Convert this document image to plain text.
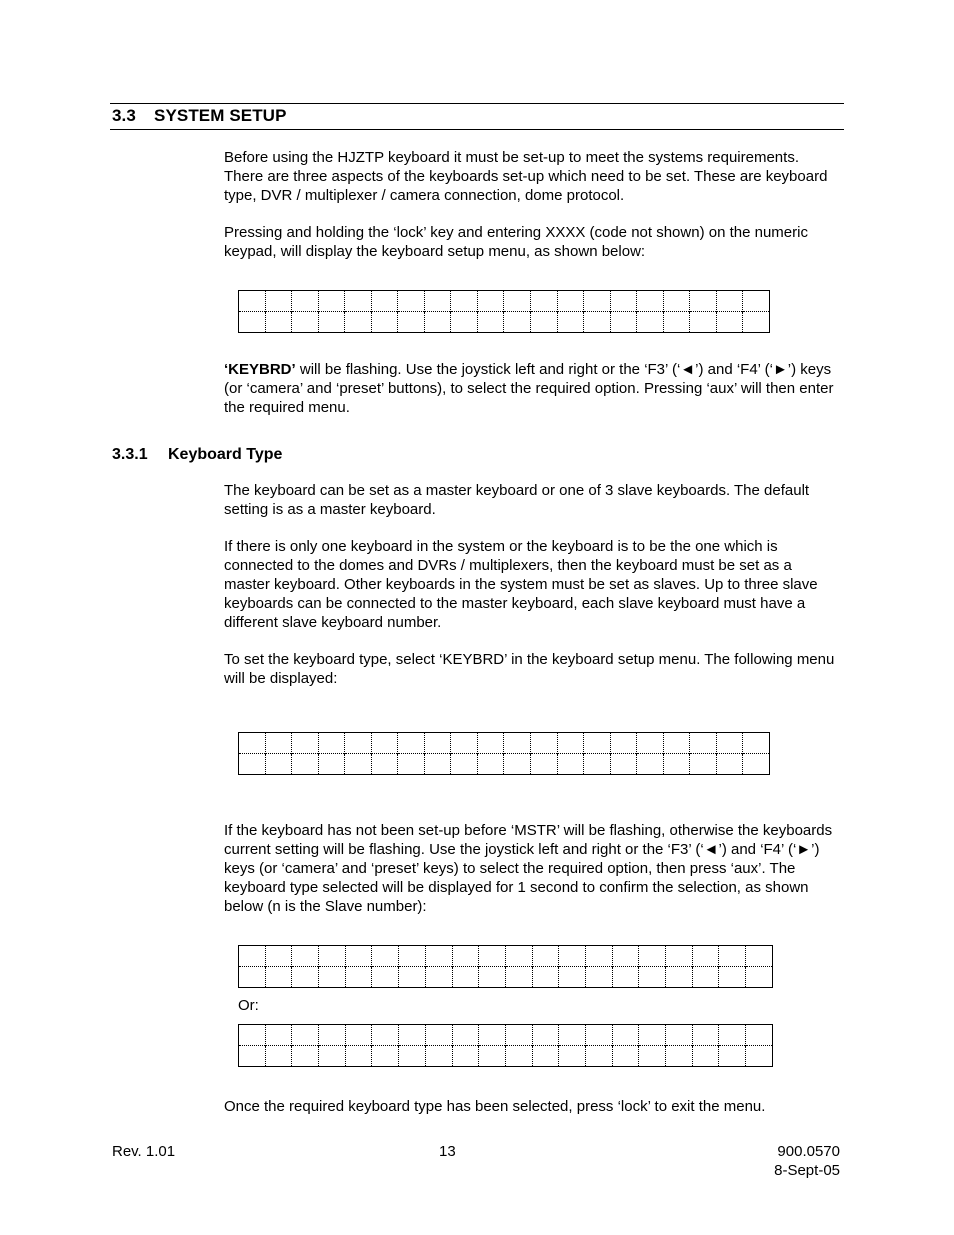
3.3 SYSTEM SETUP

Before using the HJZTP keyboard it must be set-up to meet the systems requirements. There are three aspects of the keyboards set-up which need to be set. These are keyboard type, DVR / multiplexer / camera connection, dome protocol.

Pressing and holding the ‘lock’ key and entering XXXX (code not shown) on the numeric keypad, will display the keyboard setup menu, as shown below:

‘KEYBRD’ will be flashing. Use the joystick left and right or the ‘F3’ (‘◄’) and ‘F4’ (‘►’) keys (or ‘camera’ and ‘preset’ buttons), to select the required option. Pressing ‘aux’ will then enter the required menu.

3.3.1 Keyboard Type

The keyboard can be set as a master keyboard or one of 3 slave keyboards. The default setting is as a master keyboard.

If there is only one keyboard in the system or the keyboard is to be the one which is connected to the domes and DVRs / multiplexers, then the keyboard must be set as a master keyboard. Other keyboards in the system must be set as slaves. Up to three slave keyboards can be connected to the master keyboard, each slave keyboard must have a different slave keyboard number.

To set the keyboard type, select ‘KEYBRD’ in the keyboard setup menu. The following menu will be displayed:

If the keyboard has not been set-up before ‘MSTR’ will be flashing, otherwise the keyboards current setting will be flashing. Use the joystick left and right or the ‘F3’ (‘◄’) and ‘F4’ (‘►’) keys (or ‘camera’ and ‘preset’ keys) to select the required option, then press ‘aux’. The keyboard type selected will be displayed for 1 second to confirm the selection, as shown below (n is the Slave number):

Or:

Once the required keyboard type has been selected, press ‘lock’ to exit the menu.

Rev. 1.01	13	900.0570
8-Sept-05
